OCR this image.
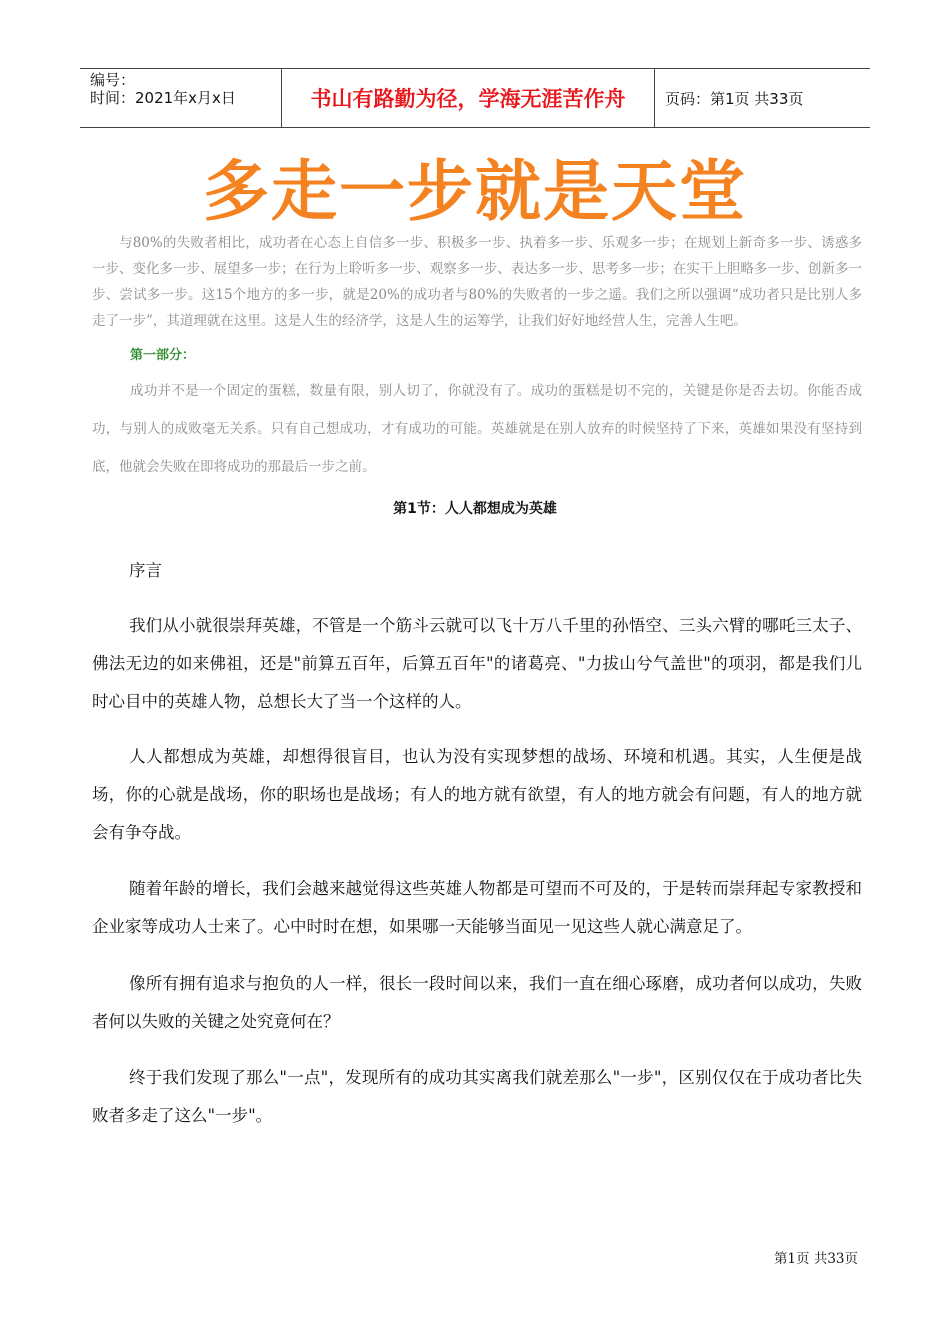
编号：
时间：2021年x月x日	书山有路勤为径，学海无涯苦作舟	页码：第1页 共33页
多走一步就是天堂

与80%的失败者相比，成功者在心态上自信多一步、积极多一步、执着多一步、乐观多一步；在规划上新奇多一步、诱惑多一步、变化多一步、展望多一步；在行为上聆听多一步、观察多一步、表达多一步、思考多一步；在实干上胆略多一步、创新多一步、尝试多一步。这15个地方的多一步，就是20%的成功者与80%的失败者的一步之遥。我们之所以强调“成功者只是比别人多走了一步”，其道理就在这里。这是人生的经济学，这是人生的运筹学，让我们好好地经营人生，完善人生吧。

第一部分：

成功并不是一个固定的蛋糕，数量有限，别人切了，你就没有了。成功的蛋糕是切不完的，关键是你是否去切。你能否成功，与别人的成败毫无关系。只有自己想成功，才有成功的可能。英雄就是在别人放弃的时候坚持了下来，英雄如果没有坚持到底，他就会失败在即将成功的那最后一步之前。

第1节：人人都想成为英雄

序言

我们从小就很崇拜英雄，不管是一个筋斗云就可以飞十万八千里的孙悟空、三头六臂的哪吒三太子、佛法无边的如来佛祖，还是"前算五百年，后算五百年"的诸葛亮、"力拔山兮气盖世"的项羽，都是我们儿时心目中的英雄人物，总想长大了当一个这样的人。

人人都想成为英雄，却想得很盲目，也认为没有实现梦想的战场、环境和机遇。其实，人生便是战场，你的心就是战场，你的职场也是战场；有人的地方就有欲望，有人的地方就会有问题，有人的地方就会有争夺战。

随着年龄的增长，我们会越来越觉得这些英雄人物都是可望而不可及的，于是转而崇拜起专家教授和企业家等成功人士来了。心中时时在想，如果哪一天能够当面见一见这些人就心满意足了。

像所有拥有追求与抱负的人一样，很长一段时间以来，我们一直在细心琢磨，成功者何以成功，失败者何以失败的关键之处究竟何在？

终于我们发现了那么"一点"，发现所有的成功其实离我们就差那么"一步"，区别仅仅在于成功者比失败者多走了这么"一步"。

第1页 共33页
